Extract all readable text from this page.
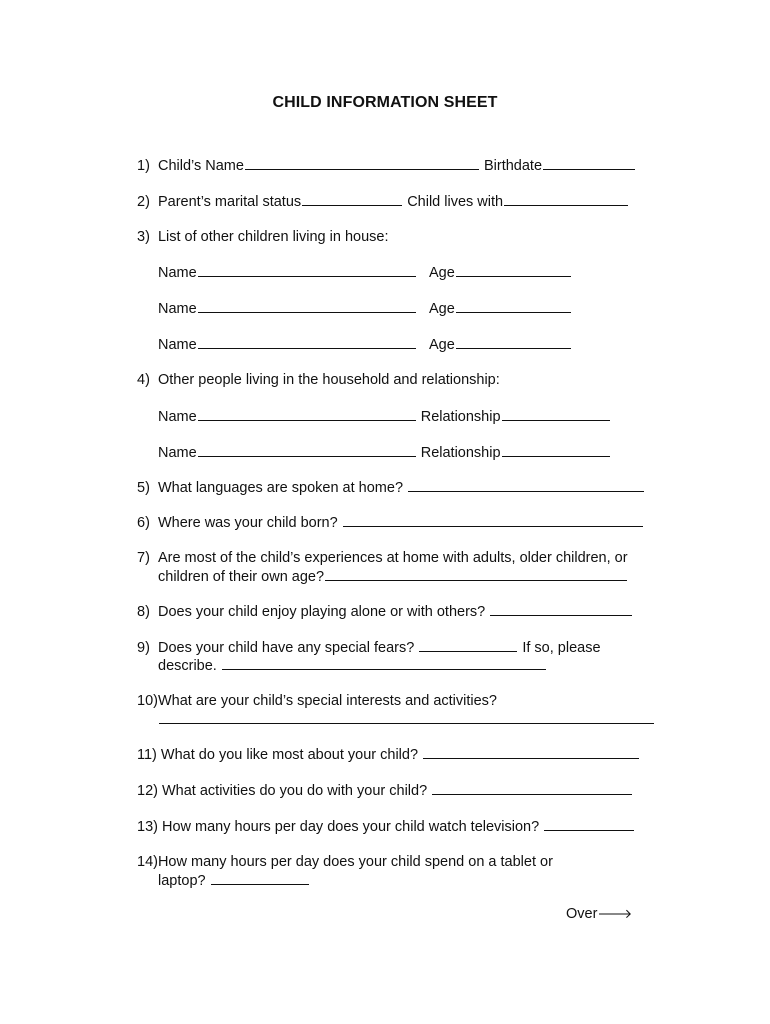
CHILD INFORMATION SHEET
1) Child’s Name	Birthdate
2) Parent’s marital status	Child lives with
3) List of other children living in house:
Name	Age
Name	Age
Name	Age
4) Other people living in the household and relationship:
Name	Relationship
Name	Relationship
5) What languages are spoken at home?
6) Where was your child born?
7) Are most of the child’s experiences at home with adults, older children, or
children of their own age?
8) Does your child enjoy playing alone or with others?
9) Does your child have any special fears?	If so, please
describe.
10)What are your child’s special interests and activities?
11) What do you like most about your child?
12) What activities do you do with your child?
13) How many hours per day does your child watch television?
14)How many hours per day does your child spend on a tablet or
laptop?
Over🡒
